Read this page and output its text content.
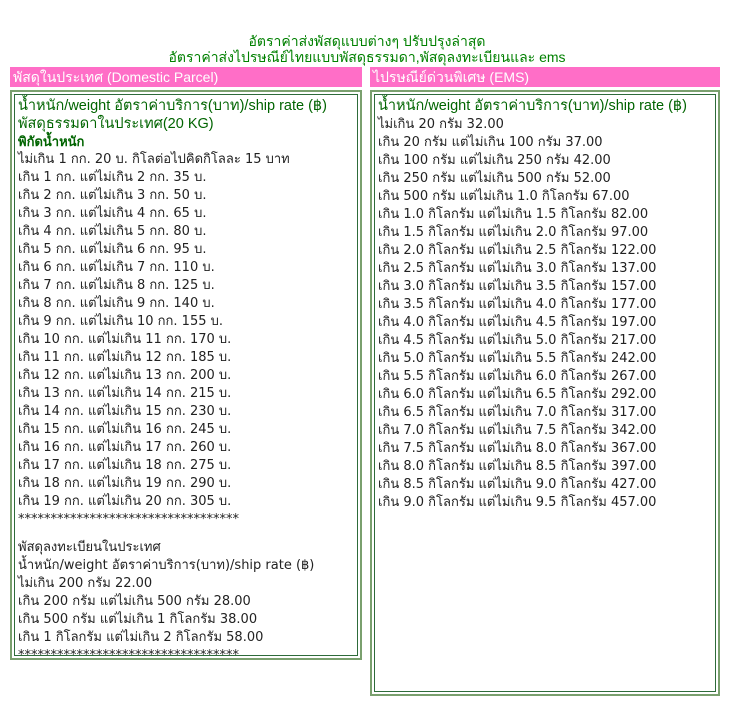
อัตราค่าส่งพัสดุแบบต่างๆ ปรับปรุงล่าสุด
อัตราค่าส่งไปรษณีย์ไทยแบบพัสดุธรรมดา,พัสดุลงทะเบียนและ ems
พัสดุในประเทศ (Domestic Parcel)
น้ำหนัก/weight อัตราค่าบริการ(บาท)/ship rate (฿)
พัสดุธรรมดาในประเทศ(20 KG)
พิกัดน้ำหนัก
ไม่เกิน 1 กก. 20 บ. กิโลต่อไปคิดกิโลละ 15 บาท
เกิน 1 กก. แต่ไม่เกิน 2 กก. 35 บ.
เกิน 2 กก. แต่ไม่เกิน 3 กก. 50 บ.
เกิน 3 กก. แต่ไม่เกิน 4 กก. 65 บ.
เกิน 4 กก. แต่ไม่เกิน 5 กก. 80 บ.
เกิน 5 กก. แต่ไม่เกิน 6 กก. 95 บ.
เกิน 6 กก. แต่ไม่เกิน 7 กก. 110 บ.
เกิน 7 กก. แต่ไม่เกิน 8 กก. 125 บ.
เกิน 8 กก. แต่ไม่เกิน 9 กก. 140 บ.
เกิน 9 กก. แต่ไม่เกิน 10 กก. 155 บ.
เกิน 10 กก. แต่ไม่เกิน 11 กก. 170 บ.
เกิน 11 กก. แต่ไม่เกิน 12 กก. 185 บ.
เกิน 12 กก. แต่ไม่เกิน 13 กก. 200 บ.
เกิน 13 กก. แต่ไม่เกิน 14 กก. 215 บ.
เกิน 14 กก. แต่ไม่เกิน 15 กก. 230 บ.
เกิน 15 กก. แต่ไม่เกิน 16 กก. 245 บ.
เกิน 16 กก. แต่ไม่เกิน 17 กก. 260 บ.
เกิน 17 กก. แต่ไม่เกิน 18 กก. 275 บ.
เกิน 18 กก. แต่ไม่เกิน 19 กก. 290 บ.
เกิน 19 กก. แต่ไม่เกิน 20 กก. 305 บ.
**********************************
พัสดุลงทะเบียนในประเทศ
น้ำหนัก/weight อัตราค่าบริการ(บาท)/ship rate (฿)
ไม่เกิน 200 กรัม 22.00
เกิน 200 กรัม แต่ไม่เกิน 500 กรัม 28.00
เกิน 500 กรัม แต่ไม่เกิน 1 กิโลกรัม 38.00
เกิน 1 กิโลกรัม แต่ไม่เกิน 2 กิโลกรัม 58.00
**********************************
ไปรษณีย์ด่วนพิเศษ (EMS)
น้ำหนัก/weight อัตราค่าบริการ(บาท)/ship rate (฿)
ไม่เกิน 20 กรัม 32.00
เกิน 20 กรัม แต่ไม่เกิน 100 กรัม 37.00
เกิน 100 กรัม แต่ไม่เกิน 250 กรัม 42.00
เกิน 250 กรัม แต่ไม่เกิน 500 กรัม 52.00
เกิน 500 กรัม แต่ไม่เกิน 1.0 กิโลกรัม 67.00
เกิน 1.0 กิโลกรัม แต่ไม่เกิน 1.5 กิโลกรัม 82.00
เกิน 1.5 กิโลกรัม แต่ไม่เกิน 2.0 กิโลกรัม 97.00
เกิน 2.0 กิโลกรัม แต่ไม่เกิน 2.5 กิโลกรัม 122.00
เกิน 2.5 กิโลกรัม แต่ไม่เกิน 3.0 กิโลกรัม 137.00
เกิน 3.0 กิโลกรัม แต่ไม่เกิน 3.5 กิโลกรัม 157.00
เกิน 3.5 กิโลกรัม แต่ไม่เกิน 4.0 กิโลกรัม 177.00
เกิน 4.0 กิโลกรัม แต่ไม่เกิน 4.5 กิโลกรัม 197.00
เกิน 4.5 กิโลกรัม แต่ไม่เกิน 5.0 กิโลกรัม 217.00
เกิน 5.0 กิโลกรัม แต่ไม่เกิน 5.5 กิโลกรัม 242.00
เกิน 5.5 กิโลกรัม แต่ไม่เกิน 6.0 กิโลกรัม 267.00
เกิน 6.0 กิโลกรัม แต่ไม่เกิน 6.5 กิโลกรัม 292.00
เกิน 6.5 กิโลกรัม แต่ไม่เกิน 7.0 กิโลกรัม 317.00
เกิน 7.0 กิโลกรัม แต่ไม่เกิน 7.5 กิโลกรัม 342.00
เกิน 7.5 กิโลกรัม แต่ไม่เกิน 8.0 กิโลกรัม 367.00
เกิน 8.0 กิโลกรัม แต่ไม่เกิน 8.5 กิโลกรัม 397.00
เกิน 8.5 กิโลกรัม แต่ไม่เกิน 9.0 กิโลกรัม 427.00
เกิน 9.0 กิโลกรัม แต่ไม่เกิน 9.5 กิโลกรัม 457.00
